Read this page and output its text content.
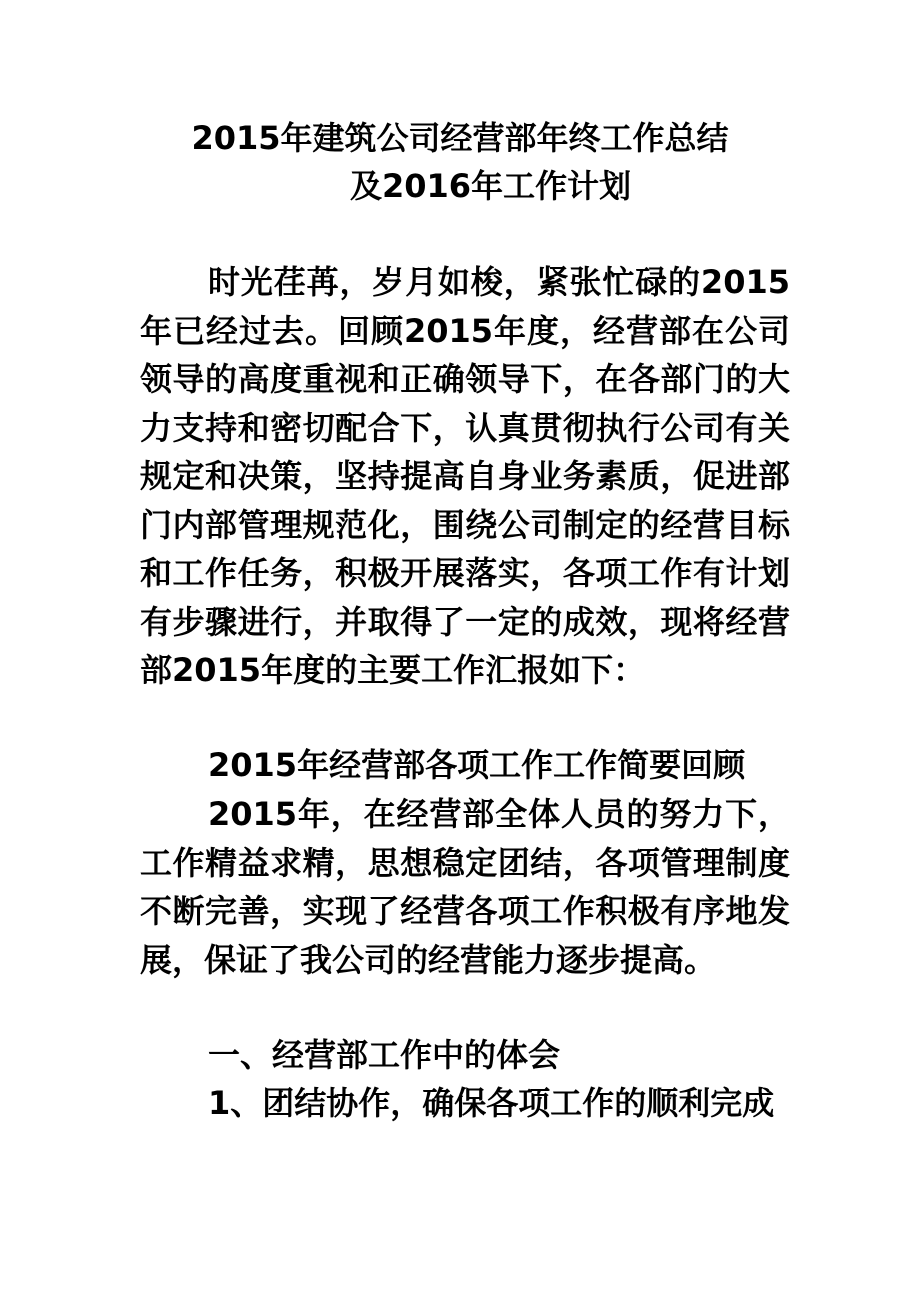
2015年建筑公司经营部年终工作总结
及2016年工作计划

时光荏苒，岁月如梭，紧张忙碌的2015年已经过去。回顾2015年度，经营部在公司领导的高度重视和正确领导下，在各部门的大力支持和密切配合下，认真贯彻执行公司有关规定和决策，坚持提高自身业务素质，促进部门内部管理规范化，围绕公司制定的经营目标和工作任务，积极开展落实，各项工作有计划有步骤进行，并取得了一定的成效，现将经营部2015年度的主要工作汇报如下：

2015年经营部各项工作工作简要回顾

2015年，在经营部全体人员的努力下，工作精益求精，思想稳定团结，各项管理制度不断完善，实现了经营各项工作积极有序地发展，保证了我公司的经营能力逐步提高。

一、经营部工作中的体会

1、团结协作，确保各项工作的顺利完成
